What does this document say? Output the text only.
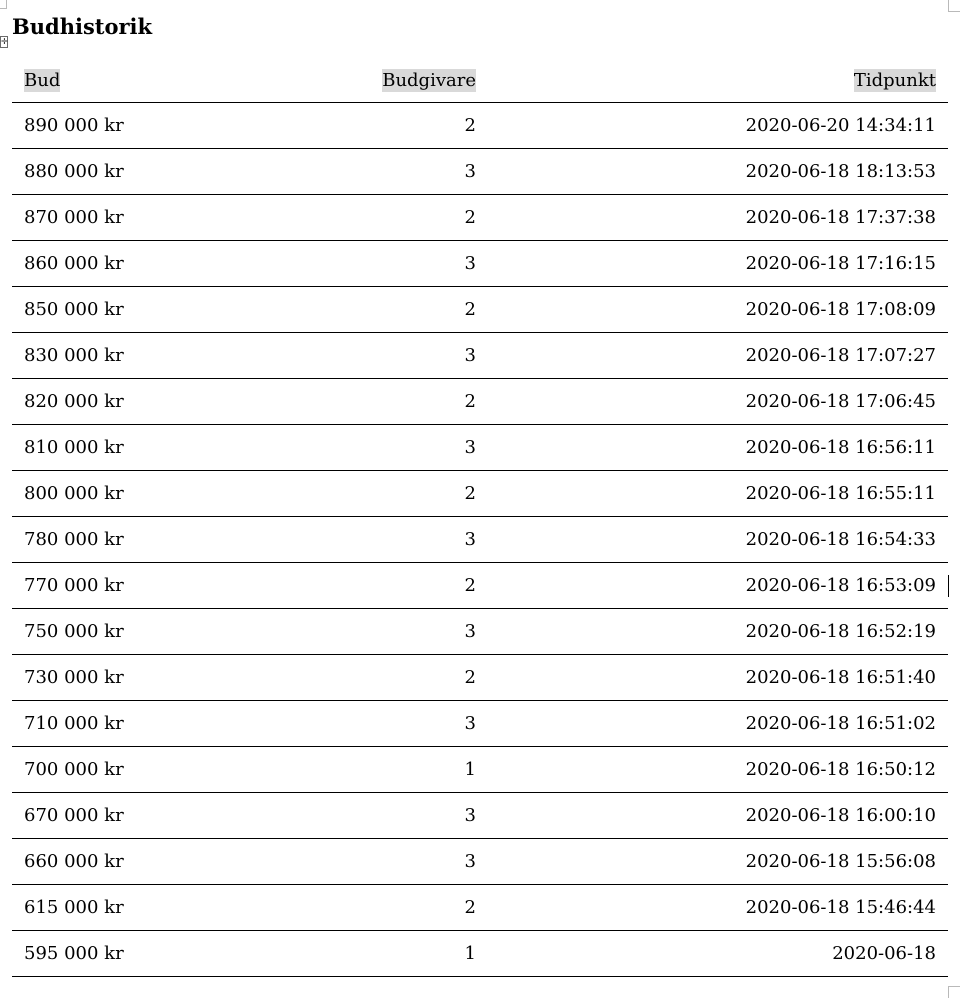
✛
Budhistorik
Bud	Budgivare	Tidpunkt
890 000 kr	2	2020-06-20 14:34:11
880 000 kr	3	2020-06-18 18:13:53
870 000 kr	2	2020-06-18 17:37:38
860 000 kr	3	2020-06-18 17:16:15
850 000 kr	2	2020-06-18 17:08:09
830 000 kr	3	2020-06-18 17:07:27
820 000 kr	2	2020-06-18 17:06:45
810 000 kr	3	2020-06-18 16:56:11
800 000 kr	2	2020-06-18 16:55:11
780 000 kr	3	2020-06-18 16:54:33
770 000 kr	2	2020-06-18 16:53:09
750 000 kr	3	2020-06-18 16:52:19
730 000 kr	2	2020-06-18 16:51:40
710 000 kr	3	2020-06-18 16:51:02
700 000 kr	1	2020-06-18 16:50:12
670 000 kr	3	2020-06-18 16:00:10
660 000 kr	3	2020-06-18 15:56:08
615 000 kr	2	2020-06-18 15:46:44
595 000 kr	1	2020-06-18
